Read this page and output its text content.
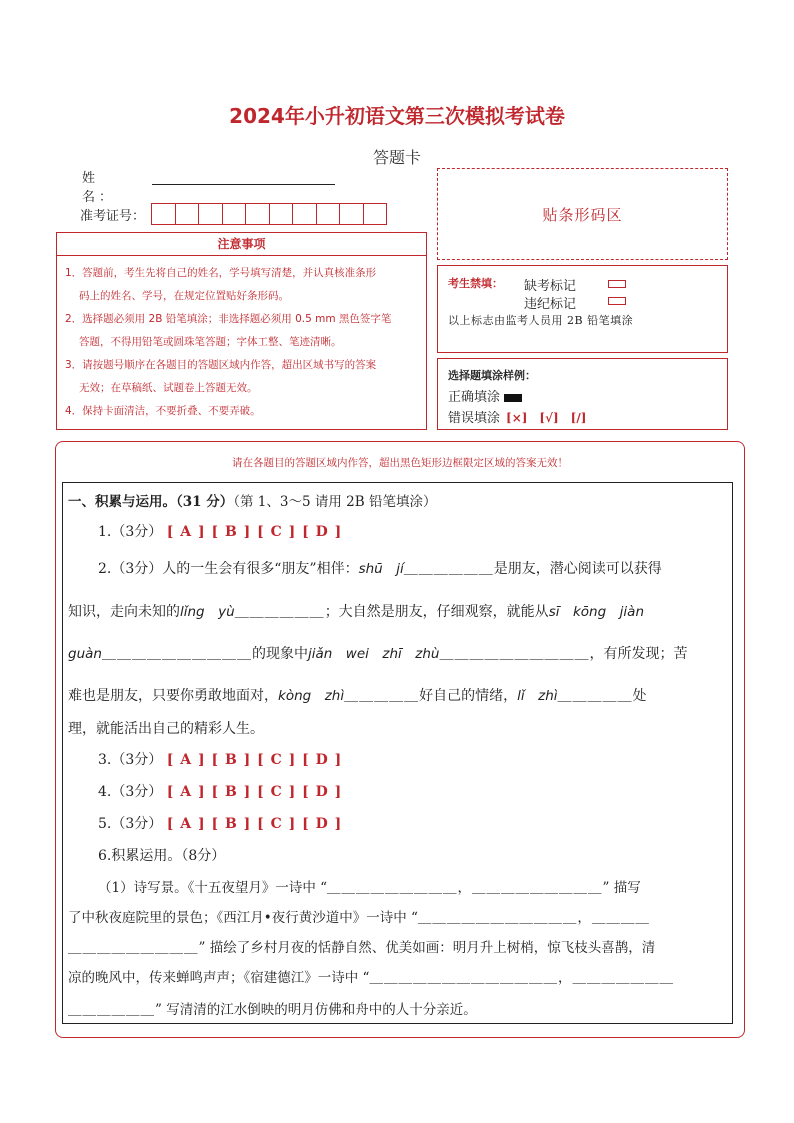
2024年小升初语文第三次模拟考试卷
答题卡
姓　名：
准考证号：	贴条形码区
注意事项

1．答题前，考生先将自己的姓名，学号填写清楚，并认真核准条形

码上的姓名、学号，在规定位置贴好条形码。

2．选择题必须用 2B 铅笔填涂；非选择题必须用 0.5 mm 黑色签字笔

答题，不得用铅笔或圆珠笔答题；字体工整、笔迹清晰。

3．请按题号顺序在各题目的答题区域内作答，超出区域书写的答案

无效；在草稿纸、试题卷上答题无效。

4．保持卡面清洁，不要折叠、不要弄破。

考生禁填： 缺考标记
违纪标记
以上标志由监考人员用 2B 铅笔填涂
选择题填涂样例：
正确填涂
错误填涂 [×]　[√]　[/]
请在各题目的答题区域内作答，超出黑色矩形边框限定区域的答案无效！
一、积累与运用。（31 分）（第 1、3～5 请用 2B 铅笔填涂）
1.（3分） [ A ] [ B ] [ C ] [ D ]
2.（3分）人的一生会有很多“朋友”相伴：shū　jí＿＿＿＿＿＿是朋友，潜心阅读可以获得
知识，走向未知的lǐng　yù＿＿＿＿＿＿；大自然是朋友，仔细观察，就能从sī　kōng　jiàn
guàn＿＿＿＿＿＿＿＿＿＿的现象中jiǎn　wei　zhī　zhù＿＿＿＿＿＿＿＿＿＿，有所发现；苦
难也是朋友，只要你勇敢地面对，kòng　zhì＿＿＿＿＿好自己的情绪，lǐ　zhì＿＿＿＿＿处
理，就能活出自己的精彩人生。
3.（3分） [ A ] [ B ] [ C ] [ D ]
4.（3分） [ A ] [ B ] [ C ] [ D ]
5.（3分） [ A ] [ B ] [ C ] [ D ]
6.积累运用。（8分）
（1）诗写景。《十五夜望月》一诗中 “＿＿＿＿＿＿＿＿＿，＿＿＿＿＿＿＿＿＿” 描写
了中秋夜庭院里的景色；《西江月•夜行黄沙道中》一诗中 “＿＿＿＿＿＿＿＿＿＿＿，＿＿＿＿
＿＿＿＿＿＿＿＿＿” 描绘了乡村月夜的恬静自然、优美如画：明月升上树梢，惊飞枝头喜鹊，清
凉的晚风中，传来蝉鸣声声；《宿建德江》一诗中 “＿＿＿＿＿＿＿＿＿＿＿＿＿，＿＿＿＿＿＿＿
＿＿＿＿＿＿” 写清清的江水倒映的明月仿佛和舟中的人十分亲近。
